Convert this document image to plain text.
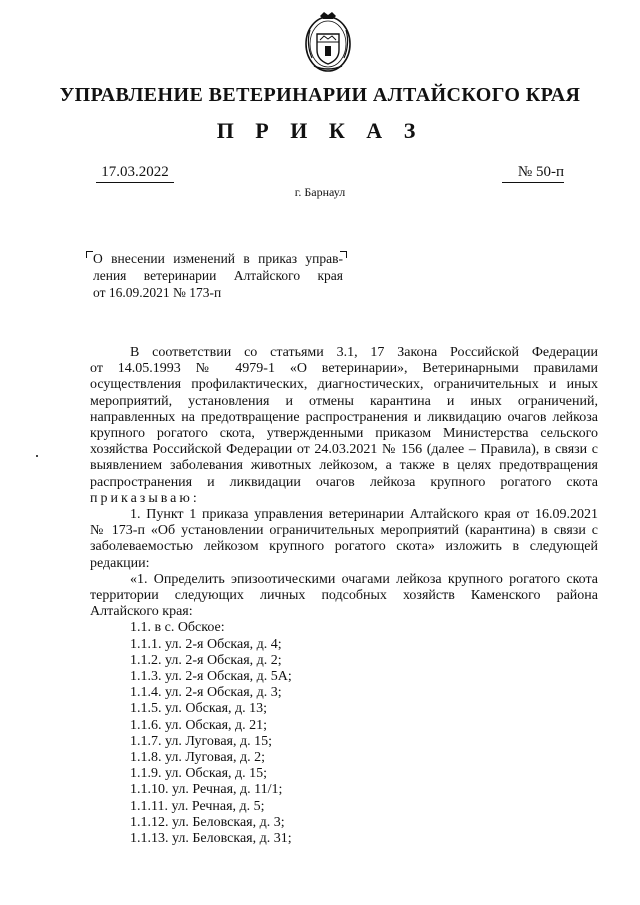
УПРАВЛЕНИЕ ВЕТЕРИНАРИИ АЛТАЙСКОГО КРАЯ
П Р И К А З
17.03.2022	№ 50-п
г. Барнаул
О внесении изменений в приказ управ-
ления ветеринарии Алтайского края
от 16.09.2021 № 173-п
В соответствии со статьями 3.1, 17 Закона Российской Федерации
от 14.05.1993 № 4979-1 «О ветеринарии», Ветеринарными правилами
осуществления профилактических, диагностических, ограничительных и иных
мероприятий, установления и отмены карантина и иных ограничений,
направленных на предотвращение распространения и ликвидацию очагов лейкоза
крупного рогатого скота, утвержденными приказом Министерства сельского
хозяйства Российской Федерации от 24.03.2021 № 156 (далее – Правила), в связи с
выявлением заболевания животных лейкозом, а также в целях предотвращения
распространения и ликвидации очагов лейкоза крупного рогатого скота
приказываю:
1. Пункт 1 приказа управления ветеринарии Алтайского края от 16.09.2021
№ 173-п «Об установлении ограничительных мероприятий (карантина) в связи с
заболеваемостью лейкозом крупного рогатого скота» изложить в следующей
редакции:
«1. Определить эпизоотическими очагами лейкоза крупного рогатого скота
территории следующих личных подсобных хозяйств Каменского района
Алтайского края:
1.1. в с. Обское:
1.1.1. ул. 2-я Обская, д. 4;
1.1.2. ул. 2-я Обская, д. 2;
1.1.3. ул. 2-я Обская, д. 5А;
1.1.4. ул. 2-я Обская, д. 3;
1.1.5. ул. Обская, д. 13;
1.1.6. ул. Обская, д. 21;
1.1.7. ул. Луговая, д. 15;
1.1.8. ул. Луговая, д. 2;
1.1.9. ул. Обская, д. 15;
1.1.10. ул. Речная, д. 11/1;
1.1.11. ул. Речная, д. 5;
1.1.12. ул. Беловская, д. 3;
1.1.13. ул. Беловская, д. 31;
